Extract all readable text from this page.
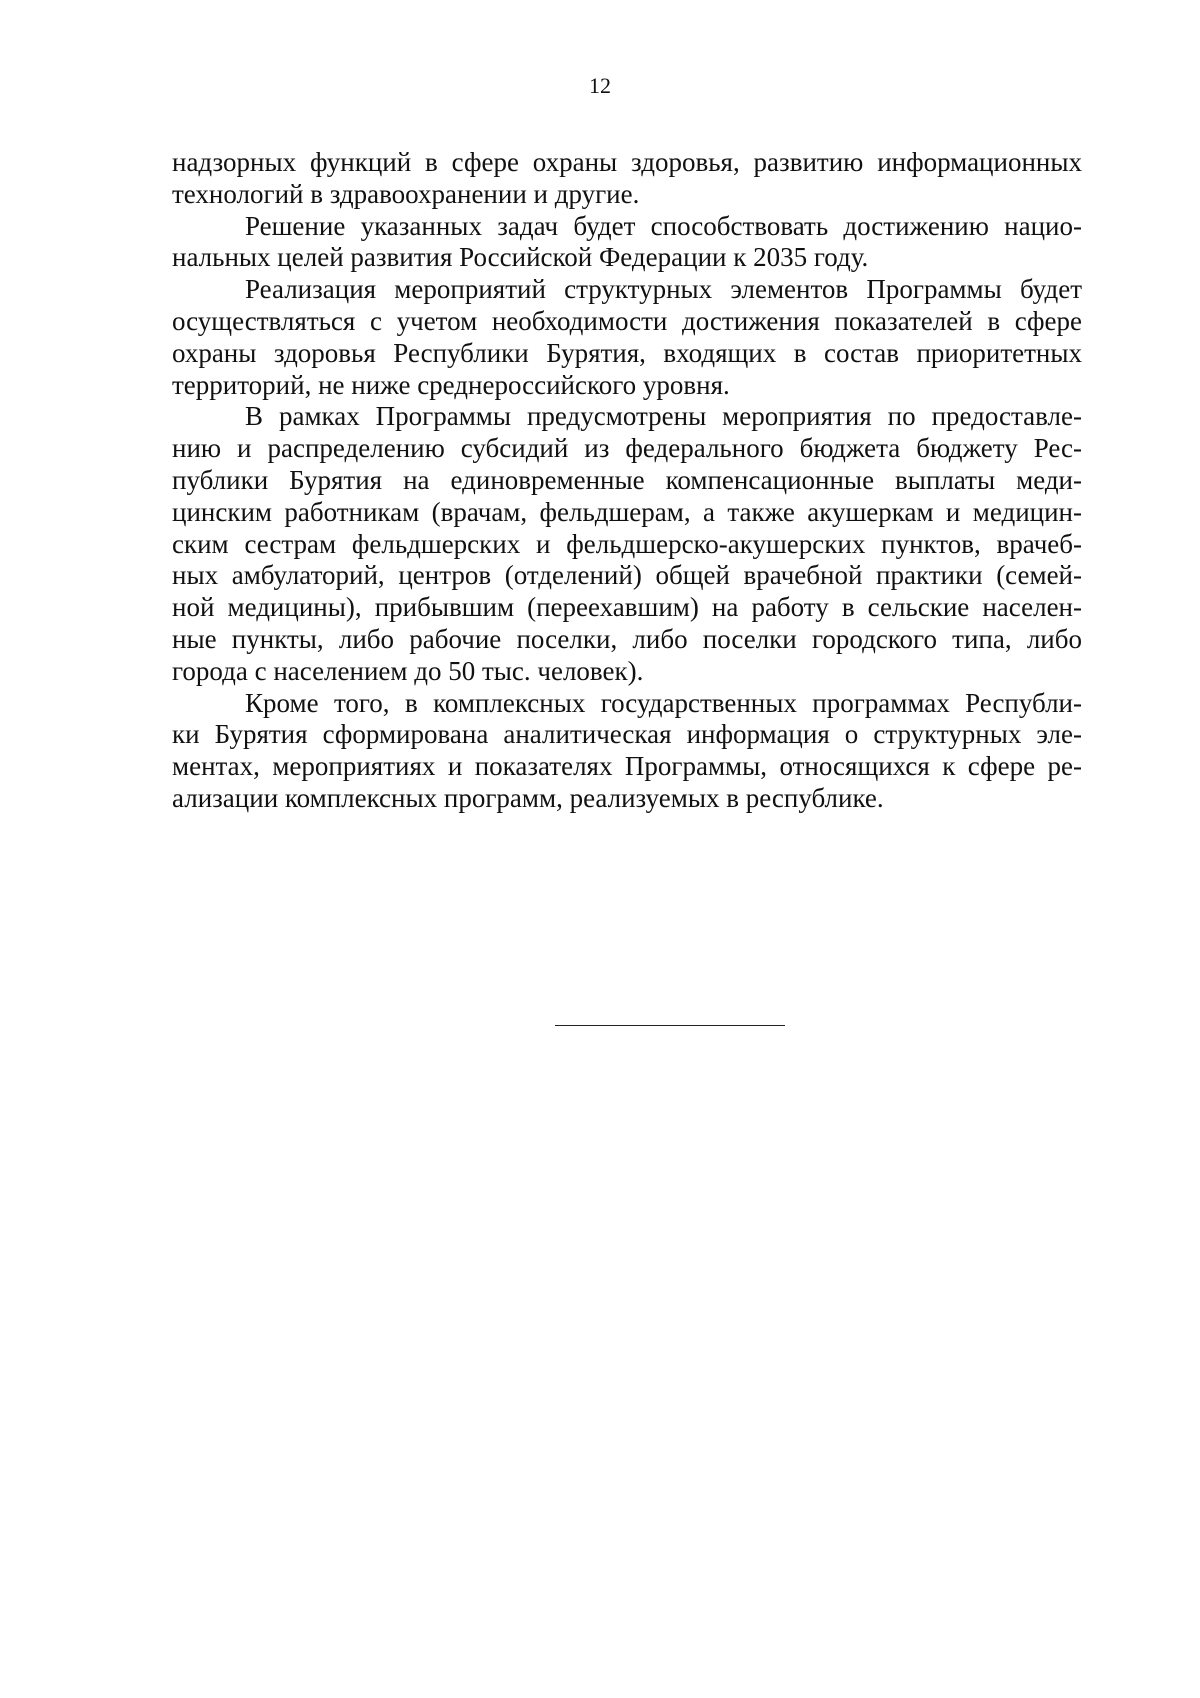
12
надзорных функций в сфере охраны здоровья, развитию информационных
технологий в здравоохранении и другие.
Решение указанных задач будет способствовать достижению нацио-
нальных целей развития Российской Федерации к 2035 году.
Реализация мероприятий структурных элементов Программы будет
осуществляться с учетом необходимости достижения показателей в сфере
охраны здоровья Республики Бурятия, входящих в состав приоритетных
территорий, не ниже среднероссийского уровня.
В рамках Программы предусмотрены мероприятия по предоставле-
нию и распределению субсидий из федерального бюджета бюджету Рес-
публики Бурятия на единовременные компенсационные выплаты меди-
цинским работникам (врачам, фельдшерам, а также акушеркам и медицин-
ским сестрам фельдшерских и фельдшерско-акушерских пунктов, врачеб-
ных амбулаторий, центров (отделений) общей врачебной практики (семей-
ной медицины), прибывшим (переехавшим) на работу в сельские населен-
ные пункты, либо рабочие поселки, либо поселки городского типа, либо
города с населением до 50 тыс. человек).
Кроме того, в комплексных государственных программах Республи-
ки Бурятия сформирована аналитическая информация о структурных эле-
ментах, мероприятиях и показателях Программы, относящихся к сфере ре-
ализации комплексных программ, реализуемых в республике.
